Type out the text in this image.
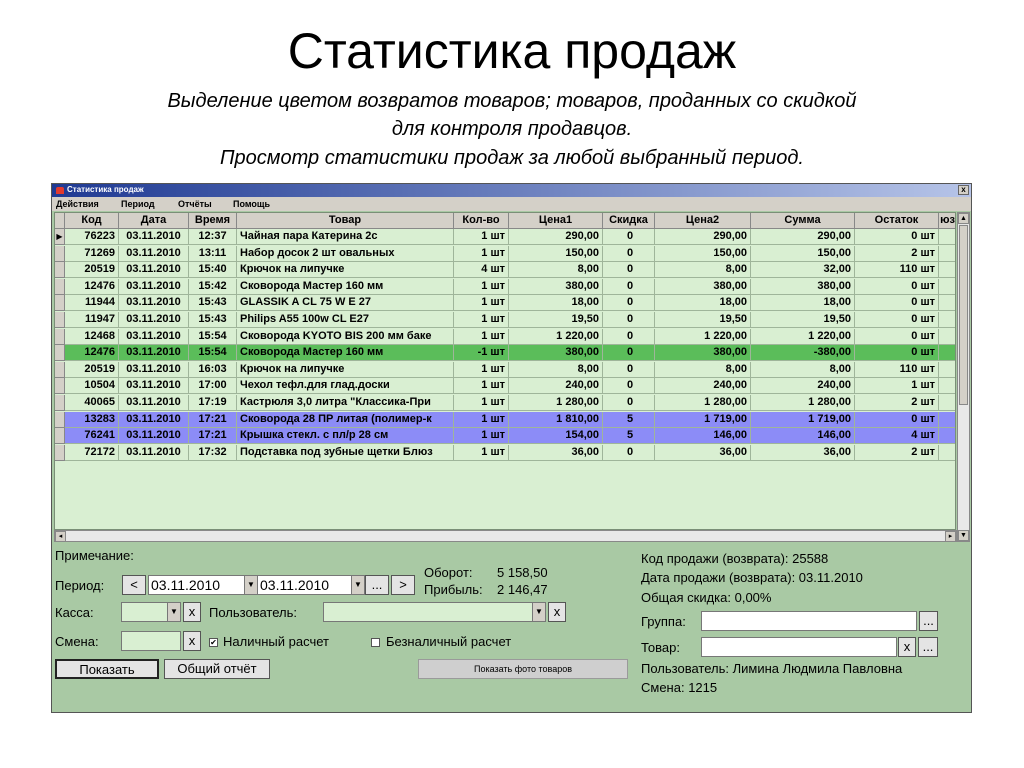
Статистика продаж
Выделение цветом возвратов товаров; товаров, проданных со скидкой
для контроля продавцов.
Просмотр статистики продаж за любой выбранный период.
Статистика продаж	x
Действия Период	Отчёты Помощь
Код	Дата	Время	Товар	Кол-во	Цена1	Скидка	Цена2	Сумма	Остаток	юз
▶	76223	03.11.2010	12:37	Чайная пара Катерина 2с	1 шт	290,00	0	290,00	290,00	0 шт
71269	03.11.2010	13:11	Набор досок 2 шт овальных	1 шт	150,00	0	150,00	150,00	2 шт
20519	03.11.2010	15:40	Крючок на липучке	4 шт	8,00	0	8,00	32,00	110 шт
12476	03.11.2010	15:42	Сковорода Мастер 160 мм	1 шт	380,00	0	380,00	380,00	0 шт
11944	03.11.2010	15:43	GLASSIK A CL 75 W E 27	1 шт	18,00	0	18,00	18,00	0 шт
11947	03.11.2010	15:43	Philips A55 100w CL E27	1 шт	19,50	0	19,50	19,50	0 шт
12468	03.11.2010	15:54	Сковорода KYOTO BIS 200 мм баке	1 шт	1 220,00	0	1 220,00	1 220,00	0 шт
12476	03.11.2010	15:54	Сковорода Мастер 160 мм	-1 шт	380,00	0	380,00	-380,00	0 шт
20519	03.11.2010	16:03	Крючок на липучке	1 шт	8,00	0	8,00	8,00	110 шт
10504	03.11.2010	17:00	Чехол тефл.для глад.доски	1 шт	240,00	0	240,00	240,00	1 шт
40065	03.11.2010	17:19	Кастрюля 3,0 литра "Классика-При	1 шт	1 280,00	0	1 280,00	1 280,00	2 шт
13283	03.11.2010	17:21	Сковорода 28 ПР литая (полимер-к	1 шт	1 810,00	5	1 719,00	1 719,00	0 шт
76241	03.11.2010	17:21	Крышка стекл. с пл/р 28 см	1 шт	154,00	5	146,00	146,00	4 шт
72172	03.11.2010	17:32	Подставка под зубные щетки Блюз	1 шт	36,00	0	36,00	36,00	2 шт
▲
▼
◂	▸
Примечание:
Период:	< 03.11.2010	▼ 03.11.2010	▼ ...	>
Оборот: 5 158,50
Прибыль: 2 146,47
Касса:	▼ x	Пользователь:	▼ x
Смена:	x	✔ Наличный расчет	Безналичный расчет
Показать	Общий отчёт	Показать фото товаров
Код продажи (возврата): 25588
Дата продажи (возврата): 03.11.2010
Общая скидка: 0,00%
Группа:	...
Товар:	x ...
Пользователь: Лимина Людмила Павловна
Смена: 1215
